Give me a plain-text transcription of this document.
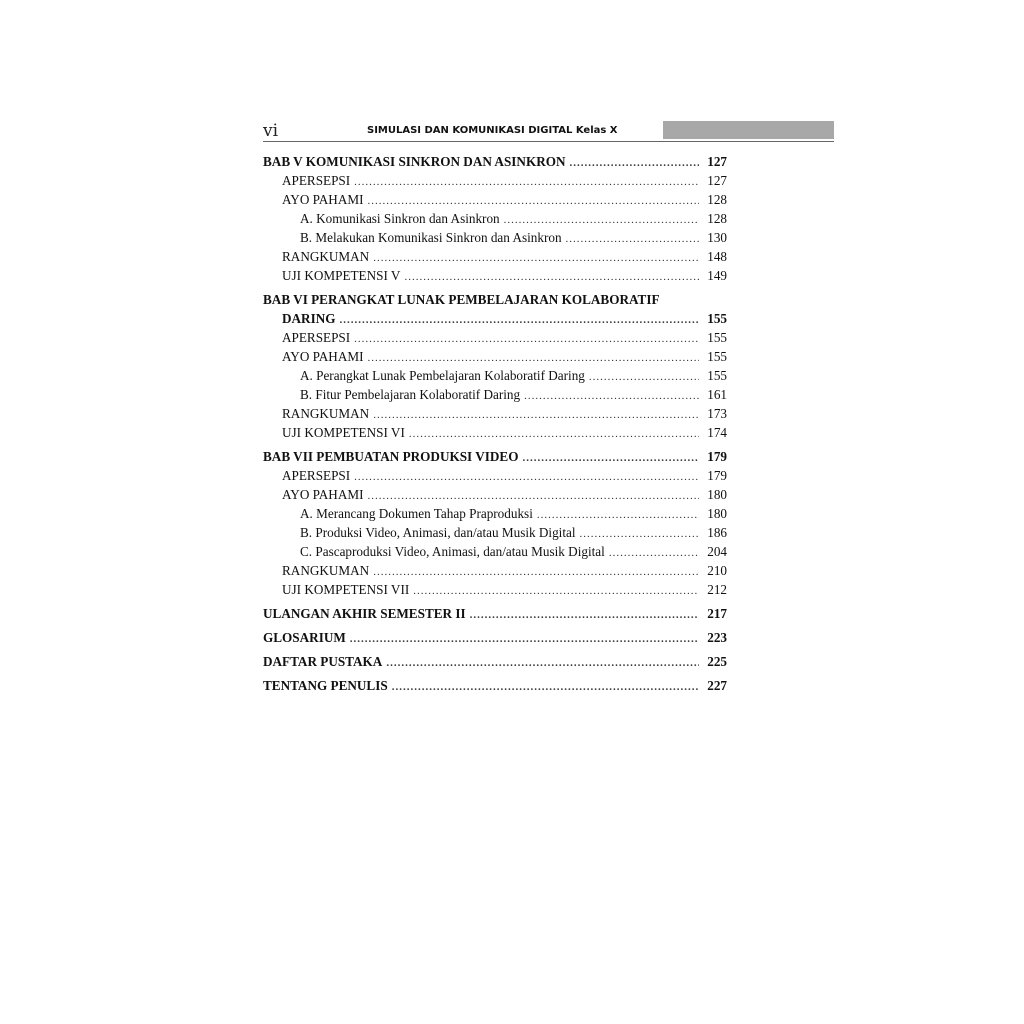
vi	SIMULASI DAN KOMUNIKASI DIGITAL Kelas X
BAB V KOMUNIKASI SINKRON DAN ASINKRON .....	127
APERSEPSI .....	127
AYO PAHAMI .....	128
A. Komunikasi Sinkron dan Asinkron .....	128
B. Melakukan Komunikasi Sinkron dan Asinkron .....	130
RANGKUMAN .....	148
UJI KOMPETENSI V .....	149
BAB VI PERANGKAT LUNAK PEMBELAJARAN KOLABORATIF
DARING .....	155
APERSEPSI .....	155
AYO PAHAMI .....	155
A. Perangkat Lunak Pembelajaran Kolaboratif Daring .....	155
B. Fitur Pembelajaran Kolaboratif Daring .....	161
RANGKUMAN .....	173
UJI KOMPETENSI VI .....	174
BAB VII PEMBUATAN PRODUKSI VIDEO .....	179
APERSEPSI .....	179
AYO PAHAMI .....	180
A. Merancang Dokumen Tahap Praproduksi .....	180
B. Produksi Video, Animasi, dan/atau Musik Digital .....	186
C. Pascaproduksi Video, Animasi, dan/atau Musik Digital .....	204
RANGKUMAN .....	210
UJI KOMPETENSI VII .....	212
ULANGAN AKHIR SEMESTER II .....	217
GLOSARIUM .....	223
DAFTAR PUSTAKA .....	225
TENTANG PENULIS .....	227
